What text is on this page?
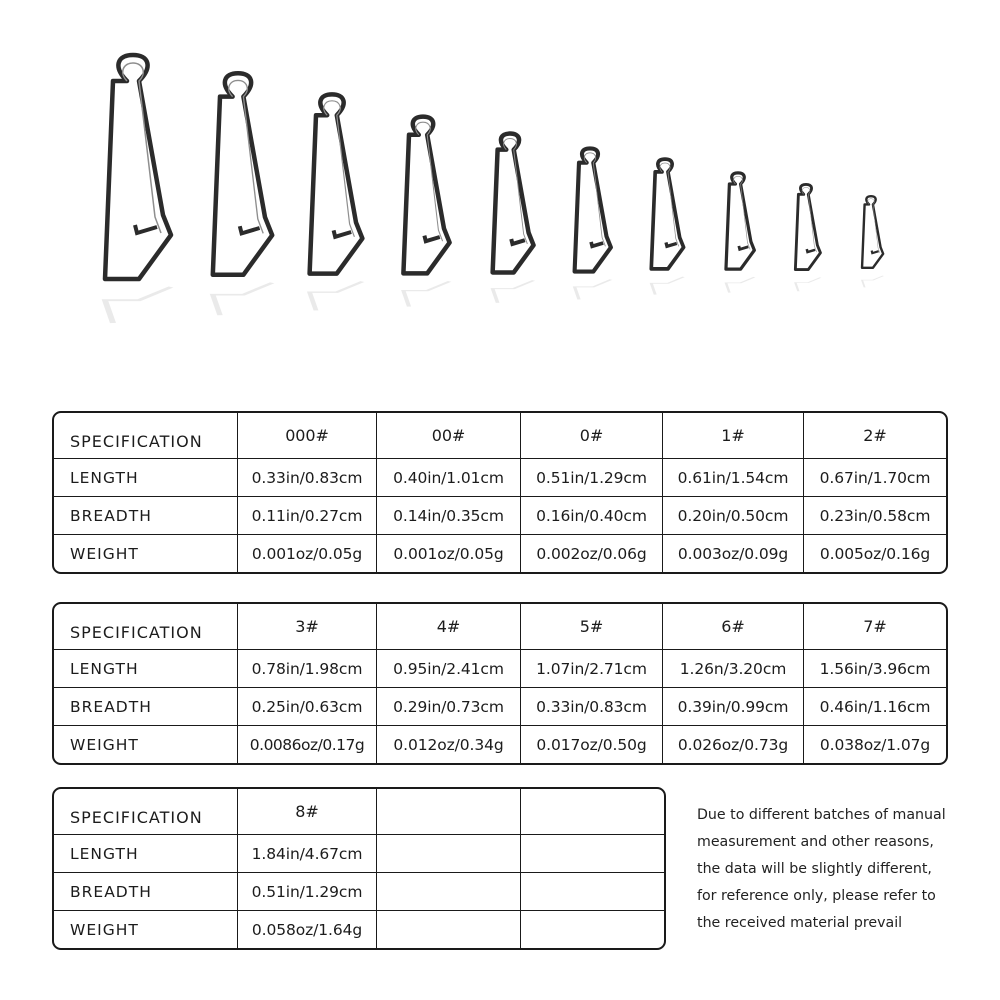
SPECIFICATION	000#	00#	0#	1#	2#
LENGTH	0.33in/0.83cm	0.40in/1.01cm	0.51in/1.29cm	0.61in/1.54cm	0.67in/1.70cm
BREADTH	0.11in/0.27cm	0.14in/0.35cm	0.16in/0.40cm	0.20in/0.50cm	0.23in/0.58cm
WEIGHT	0.001oz/0.05g	0.001oz/0.05g	0.002oz/0.06g	0.003oz/0.09g	0.005oz/0.16g
SPECIFICATION	3#	4#	5#	6#	7#
LENGTH	0.78in/1.98cm	0.95in/2.41cm	1.07in/2.71cm	1.26n/3.20cm	1.56in/3.96cm
BREADTH	0.25in/0.63cm	0.29in/0.73cm	0.33in/0.83cm	0.39in/0.99cm	0.46in/1.16cm
WEIGHT	0.0086oz/0.17g	0.012oz/0.34g	0.017oz/0.50g	0.026oz/0.73g	0.038oz/1.07g
SPECIFICATION	8#		
LENGTH	1.84in/4.67cm		
BREADTH	0.51in/1.29cm		
WEIGHT	0.058oz/1.64g		

Due to different batches of manual

measurement and other reasons,

the data will be slightly different,

for reference only, please refer to

the received material prevail
